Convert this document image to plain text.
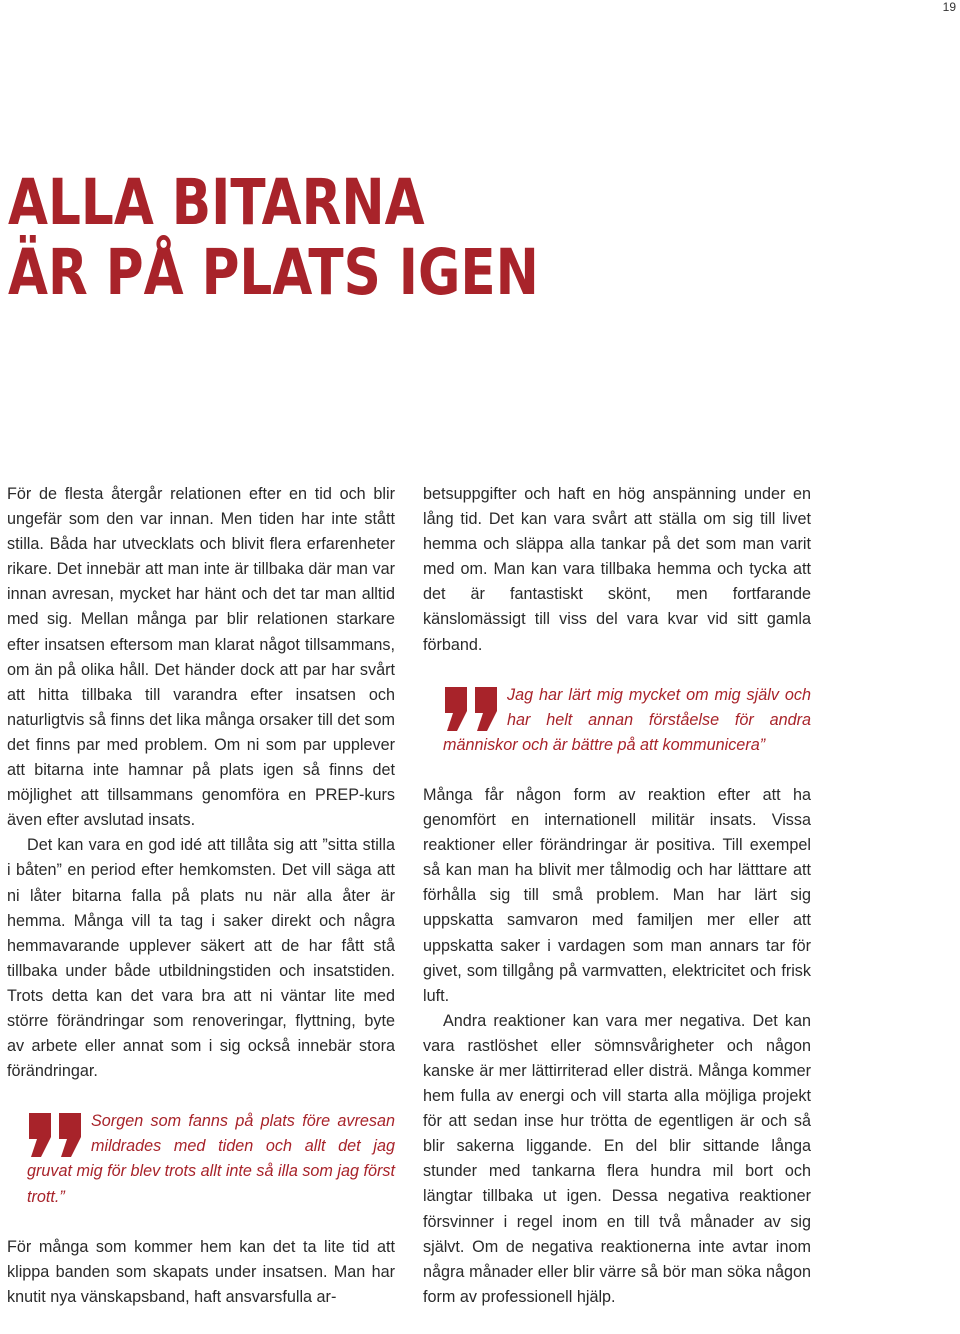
19
ALLA BITARNA
ÄR PÅ PLATS IGEN

För de flesta återgår relationen efter en tid och blir ungefär som den var innan. Men tiden har inte stått stilla. Båda har utvecklats och blivit flera erfarenheter rikare. Det innebär att man inte är tillbaka där man var innan avresan, mycket har hänt och det tar man alltid med sig. Mellan många par blir relationen starkare efter insatsen eftersom man klarat något tillsammans, om än på olika håll. Det händer dock att par har svårt att hitta tillbaka till varandra efter insatsen och naturligtvis så finns det lika många orsaker till det som det finns par med problem. Om ni som par upplever att bitarna inte hamnar på plats igen så finns det möjlighet att tillsammans genomföra en PREP-kurs även efter avslutad insats.

Det kan vara en god idé att tillåta sig att ”sitta stilla i båten” en period efter hemkomsten. Det vill säga att ni låter bitarna falla på plats nu när alla åter är hemma. Många vill ta tag i saker direkt och några hemmavarande upplever säkert att de har fått stå tillbaka under både utbildningstiden och insatstiden. Trots detta kan det vara bra att ni väntar lite med större förändringar som renoveringar, flyttning, byte av arbete eller annat som i sig också innebär stora förändringar.

Sorgen som fanns på plats före avresan mildrades med tiden och allt det jag gruvat mig för blev trots allt inte så illa som jag först trott.”

För många som kommer hem kan det ta lite tid att klippa banden som skapats under insatsen. Man har knutit nya vänskapsband, haft ansvarsfulla ar-

betsuppgifter och haft en hög anspänning under en lång tid. Det kan vara svårt att ställa om sig till livet hemma och släppa alla tankar på det som man varit med om. Man kan vara tillbaka hemma och tycka att det är fantastiskt skönt, men fortfarande känslomässigt till viss del vara kvar vid sitt gamla förband.

Jag har lärt mig mycket om mig själv och har helt annan förståelse för andra människor och är bättre på att kommunicera”

Många får någon form av reaktion efter att ha genomfört en internationell militär insats. Vissa reaktioner eller förändringar är positiva. Till exempel så kan man ha blivit mer tålmodig och har lätttare att förhålla sig till små problem. Man har lärt sig uppskatta samvaron med familjen mer eller att uppskatta saker i vardagen som man annars tar för givet, som tillgång på varmvatten, elektricitet och frisk luft.

Andra reaktioner kan vara mer negativa. Det kan vara rastlöshet eller sömnsvårigheter och någon kanske är mer lättirriterad eller disträ. Många kommer hem fulla av energi och vill starta alla möjliga projekt för att sedan inse hur trötta de egentligen är och så blir sakerna liggande. En del blir sittande långa stunder med tankarna flera hundra mil bort och längtar tillbaka ut igen. Dessa negativa reaktioner försvinner i regel inom en till två månader av sig självt. Om de negativa reaktionerna inte avtar inom några månader eller blir värre så bör man söka någon form av professionell hjälp.
